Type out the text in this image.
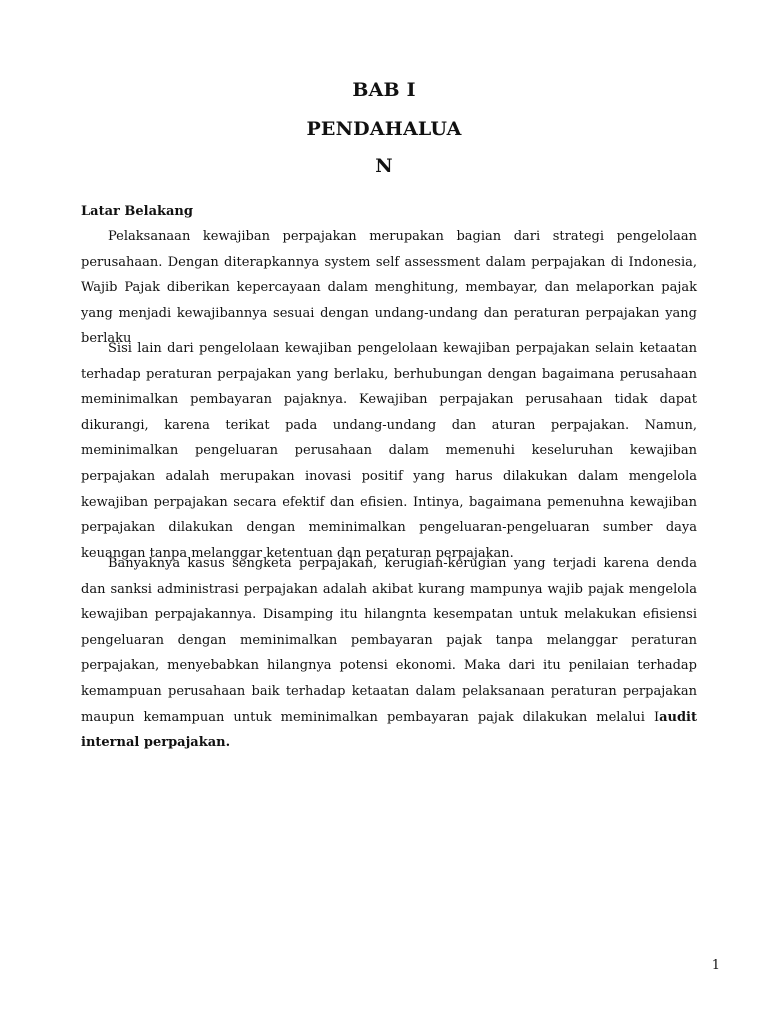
BAB I
PENDAHALUA
N
Latar Belakang

Pelaksanaan kewajiban perpajakan merupakan bagian dari strategi pengelolaan perusahaan. Dengan diterapkannya system self assessment dalam perpajakan di Indonesia, Wajib Pajak diberikan kepercayaan dalam menghitung, membayar, dan melaporkan pajak yang menjadi kewajibannya sesuai dengan undang-undang dan peraturan perpajakan yang berlaku

Sisi lain dari pengelolaan kewajiban pengelolaan kewajiban perpajakan selain ketaatan terhadap peraturan perpajakan yang berlaku, berhubungan dengan bagaimana perusahaan meminimalkan pembayaran pajaknya. Kewajiban perpajakan perusahaan tidak dapat dikurangi, karena terikat pada undang-undang dan aturan perpajakan. Namun, meminimalkan pengeluaran perusahaan dalam memenuhi keseluruhan kewajiban perpajakan adalah merupakan inovasi positif yang harus dilakukan dalam mengelola kewajiban perpajakan secara efektif dan efisien. Intinya, bagaimana pemenuhna kewajiban perpajakan dilakukan dengan meminimalkan pengeluaran-pengeluaran sumber daya keuangan tanpa melanggar ketentuan dan peraturan perpajakan.

Banyaknya kasus sengketa perpajakan, kerugian-kerugian yang terjadi karena denda dan sanksi administrasi perpajakan adalah akibat kurang mampunya wajib pajak mengelola kewajiban perpajakannya. Disamping itu hilangnta kesempatan untuk melakukan efisiensi pengeluaran dengan meminimalkan pembayaran pajak tanpa melanggar peraturan perpajakan, menyebabkan hilangnya potensi ekonomi. Maka dari itu penilaian terhadap kemampuan perusahaan baik terhadap ketaatan dalam pelaksanaan peraturan perpajakan maupun kemampuan untuk meminimalkan pembayaran pajak dilakukan melalui Iaudit internal perpajakan.

1
